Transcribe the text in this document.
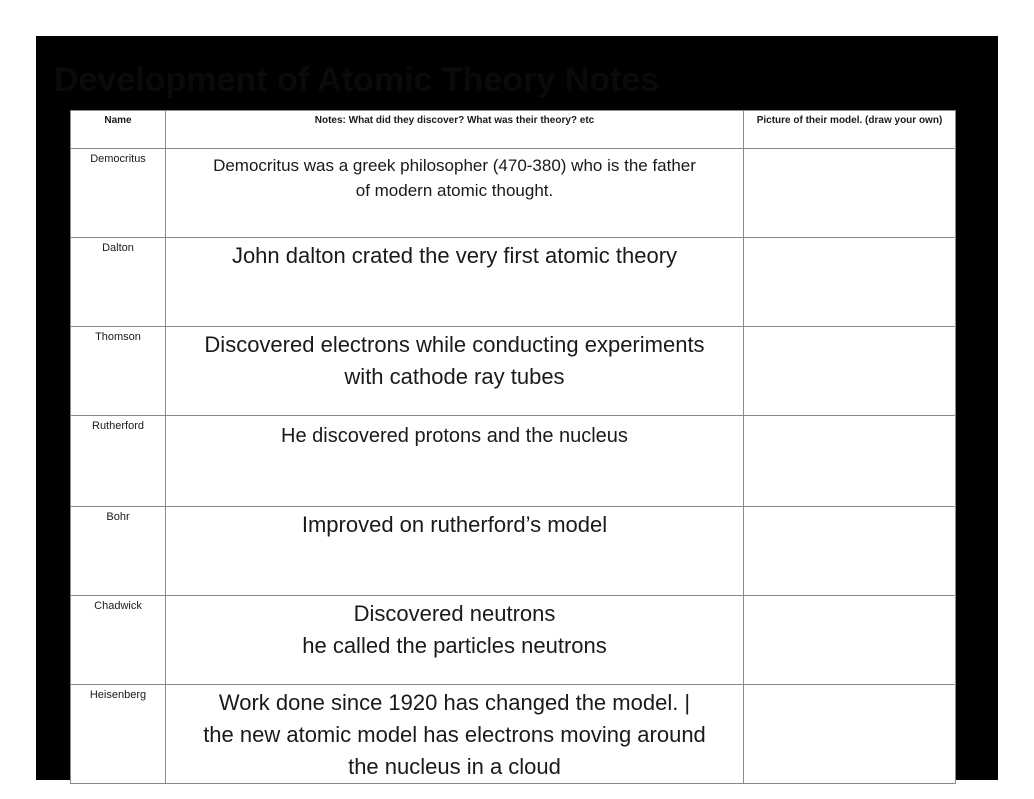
Development of Atomic Theory Notes
Name	Notes: What did they discover? What was their theory? etc	Picture of their model. (draw your own)
Democritus	Democritus was a greek philosopher (470-380) who is the father
of modern atomic thought.	

Dalton	John dalton crated the very first atomic theory	

Thomson	Discovered electrons while conducting experiments
with cathode ray tubes	

Rutherford	He discovered protons and the nucleus	

Bohr	Improved on rutherford’s model	

Chadwick	Discovered neutrons
he called the particles neutrons	

Heisenberg	Work done since 1920 has changed the model. |
the new atomic model has electrons moving around
the nucleus in a cloud	
